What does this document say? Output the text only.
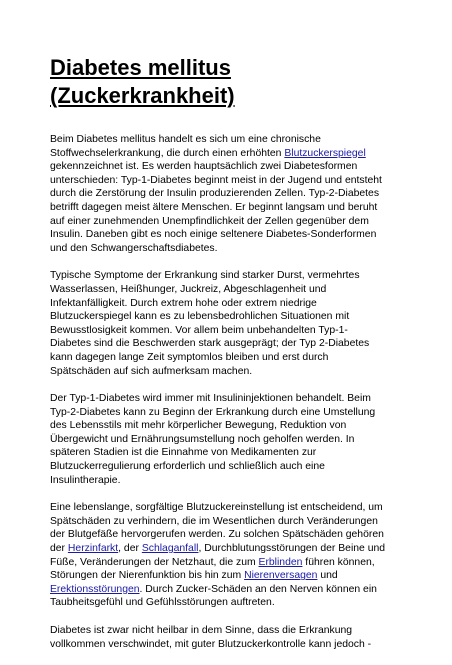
Diabetes mellitus
(Zuckerkrankheit)

Beim Diabetes mellitus handelt es sich um eine chronische
Stoffwechselerkrankung, die durch einen erhöhten Blutzuckerspiegel
gekennzeichnet ist. Es werden hauptsächlich zwei Diabetesformen
unterschieden: Typ-1-Diabetes beginnt meist in der Jugend und entsteht
durch die Zerstörung der Insulin produzierenden Zellen. Typ-2-Diabetes
betrifft dagegen meist ältere Menschen. Er beginnt langsam und beruht
auf einer zunehmenden Unempfindlichkeit der Zellen gegenüber dem
Insulin. Daneben gibt es noch einige seltenere Diabetes-Sonderformen
und den Schwangerschaftsdiabetes.

Typische Symptome der Erkrankung sind starker Durst, vermehrtes
Wasserlassen, Heißhunger, Juckreiz, Abgeschlagenheit und
Infektanfälligkeit. Durch extrem hohe oder extrem niedrige
Blutzuckerspiegel kann es zu lebensbedrohlichen Situationen mit
Bewusstlosigkeit kommen. Vor allem beim unbehandelten Typ-1-
Diabetes sind die Beschwerden stark ausgeprägt; der Typ 2-Diabetes
kann dagegen lange Zeit symptomlos bleiben und erst durch
Spätschäden auf sich aufmerksam machen.

Der Typ-1-Diabetes wird immer mit Insulininjektionen behandelt. Beim
Typ-2-Diabetes kann zu Beginn der Erkrankung durch eine Umstellung
des Lebensstils mit mehr körperlicher Bewegung, Reduktion von
Übergewicht und Ernährungsumstellung noch geholfen werden. In
späteren Stadien ist die Einnahme von Medikamenten zur
Blutzuckerregulierung erforderlich und schließlich auch eine
Insulintherapie.

Eine lebenslange, sorgfältige Blutzuckereinstellung ist entscheidend, um
Spätschäden zu verhindern, die im Wesentlichen durch Veränderungen
der Blutgefäße hervorgerufen werden. Zu solchen Spätschäden gehören
der Herzinfarkt, der Schlaganfall, Durchblutungsstörungen der Beine und
Füße, Veränderungen der Netzhaut, die zum Erblinden führen können,
Störungen der Nierenfunktion bis hin zum Nierenversagen und
Erektionsstörungen. Durch Zucker-Schäden an den Nerven können ein
Taubheitsgefühl und Gefühlsstörungen auftreten.

Diabetes ist zwar nicht heilbar in dem Sinne, dass die Erkrankung
vollkommen verschwindet, mit guter Blutzuckerkontrolle kann jedoch -
